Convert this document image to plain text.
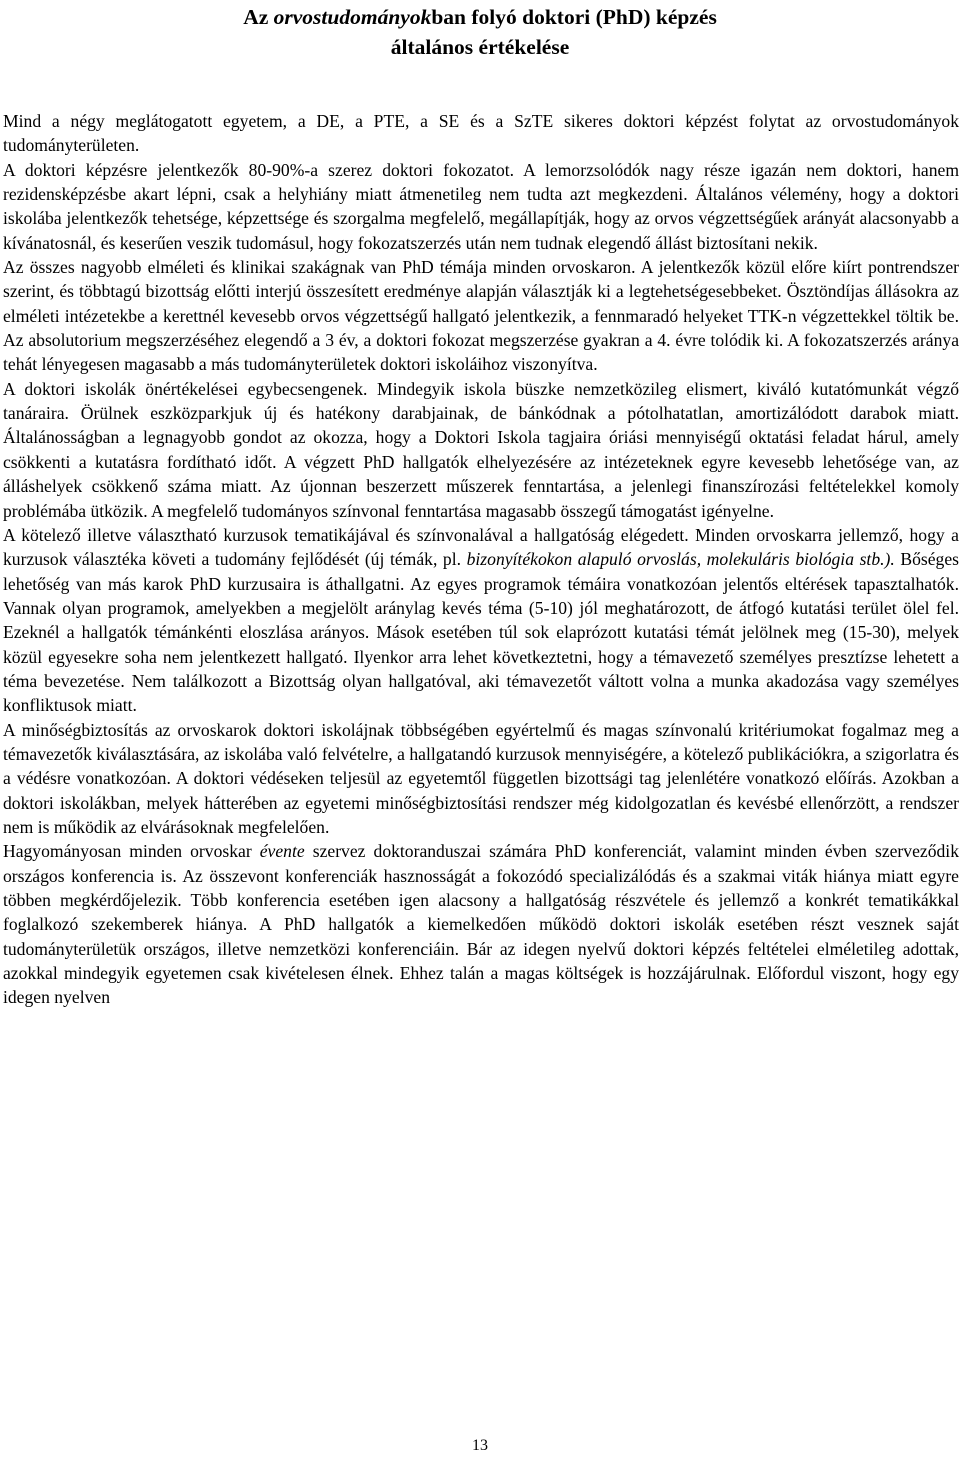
Az orvostudományokban folyó doktori (PhD) képzés
általános értékelése

Mind a négy meglátogatott egyetem, a DE, a PTE, a SE és a SzTE sikeres doktori képzést folytat az orvostudományok tudományterületen.

A doktori képzésre jelentkezők 80-90%-a szerez doktori fokozatot. A lemorzsolódók nagy része igazán nem doktori, hanem rezidensképzésbe akart lépni, csak a helyhiány miatt átmenetileg nem tudta azt megkezdeni. Általános vélemény, hogy a doktori iskolába jelentkezők tehetsége, képzettsége és szorgalma megfelelő, megállapítják, hogy az orvos végzettségűek arányát alacsonyabb a kívánatosnál, és keserűen veszik tudomásul, hogy fokozatszerzés után nem tudnak elegendő állást biztosítani nekik.

Az összes nagyobb elméleti és klinikai szakágnak van PhD témája minden orvoskaron. A jelentkezők közül előre kiírt pontrendszer szerint, és többtagú bizottság előtti interjú összesített eredménye alapján választják ki a legtehetségesebbeket. Ösztöndíjas állásokra az elméleti intézetekbe a kerettnél kevesebb orvos végzettségű hallgató jelentkezik, a fennmaradó helyeket TTK-n végzettekkel töltik be. Az absolutorium megszerzéséhez elegendő a 3 év, a doktori fokozat megszerzése gyakran a 4. évre tolódik ki. A fokozatszerzés aránya tehát lényegesen magasabb a más tudományterületek doktori iskoláihoz viszonyítva.

A doktori iskolák önértékelései egybecsengenek. Mindegyik iskola büszke nemzetközileg elismert, kiváló kutatómunkát végző tanáraira. Örülnek eszközparkjuk új és hatékony darabjainak, de bánkódnak a pótolhatatlan, amortizálódott darabok miatt. Általánosságban a legnagyobb gondot az okozza, hogy a Doktori Iskola tagjaira óriási mennyiségű oktatási feladat hárul, amely csökkenti a kutatásra fordítható időt. A végzett PhD hallgatók elhelyezésére az intézeteknek egyre kevesebb lehetősége van, az álláshelyek csökkenő száma miatt. Az újonnan beszerzett műszerek fenntartása, a jelenlegi finanszírozási feltételekkel komoly problémába ütközik. A megfelelő tudományos színvonal fenntartása magasabb összegű támogatást igényelne.

A kötelező illetve választható kurzusok tematikájával és színvonalával a hallgatóság elégedett. Minden orvoskarra jellemző, hogy a kurzusok választéka követi a tudomány fejlődését (új témák, pl. bizonyítékokon alapuló orvoslás, molekuláris biológia stb.). Bőséges lehetőség van más karok PhD kurzusaira is áthallgatni. Az egyes programok témáira vonatkozóan jelentős eltérések tapasztalhatók. Vannak olyan programok, amelyekben a megjelölt aránylag kevés téma (5-10) jól meghatározott, de átfogó kutatási terület ölel fel. Ezeknél a hallgatók témánkénti eloszlása arányos. Mások esetében túl sok elaprózott kutatási témát jelölnek meg (15-30), melyek közül egyesekre soha nem jelentkezett hallgató. Ilyenkor arra lehet következtetni, hogy a témavezető személyes presztízse lehetett a téma bevezetése. Nem találkozott a Bizottság olyan hallgatóval, aki témavezetőt váltott volna a munka akadozása vagy személyes konfliktusok miatt.

A minőségbiztosítás az orvoskarok doktori iskolájnak többségében egyértelmű és magas színvonalú kritériumokat fogalmaz meg a témavezetők kiválasztására, az iskolába való felvételre, a hallgatandó kurzusok mennyiségére, a kötelező publikációkra, a szigorlatra és a védésre vonatkozóan. A doktori védéseken teljesül az egyetemtől független bizottsági tag jelenlétére vonatkozó előírás. Azokban a doktori iskolákban, melyek hátterében az egyetemi minőségbiztosítási rendszer még kidolgozatlan és kevésbé ellenőrzött, a rendszer nem is működik az elvárásoknak megfelelően.

Hagyományosan minden orvoskar évente szervez doktoranduszai számára PhD konferenciát, valamint minden évben szerveződik országos konferencia is. Az összevont konferenciák hasznosságát a fokozódó specializálódás és a szakmai viták hiánya miatt egyre többen megkérdőjelezik. Több konferencia esetében igen alacsony a hallgatóság részvétele és jellemző a konkrét tematikákkal foglalkozó szekemberek hiánya. A PhD hallgatók a kiemelkedően működö doktori iskolák esetében részt vesznek saját tudományterületük országos, illetve nemzetközi konferenciáin. Bár az idegen nyelvű doktori képzés feltételei elméletileg adottak, azokkal mindegyik egyetemen csak kivételesen élnek. Ehhez talán a magas költségek is hozzájárulnak. Előfordul viszont, hogy egy idegen nyelven

13
